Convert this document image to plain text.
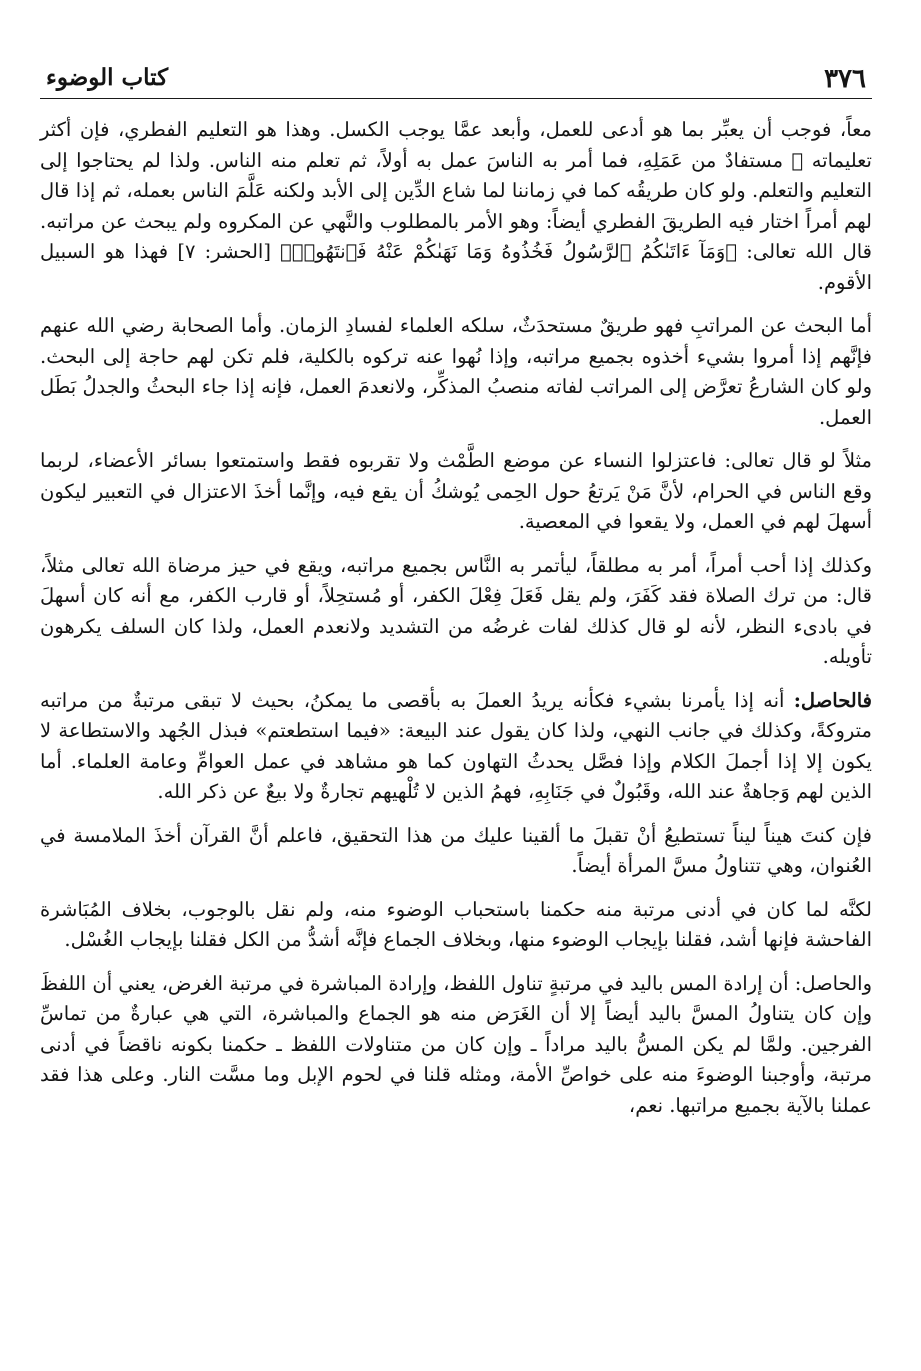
٣٧٦
كتاب الوضوء

معاً، فوجب أن يعبِّر بما هو أدعى للعمل، وأبعد عمَّا يوجب الكسل. وهذا هو التعليم الفطري، فإن أكثر تعليماته ﷺ مستفادٌ من عَمَلِهِ، فما أمر به الناسَ عمل به أولاً، ثم تعلم منه الناس. ولذا لم يحتاجوا إلى التعليم والتعلم. ولو كان طريقُه كما في زماننا لما شاع الدِّين إلى الأبد ولكنه عَلَّمَ الناس بعمله، ثم إذا قال لهم أمراً اختار فيه الطريقَ الفطري أيضاً: وهو الأمر بالمطلوب والنَّهي عن المكروه ولم يبحث عن مراتبه. قال الله تعالى: ﴿وَمَآ ءَاتَىٰكُمُ ٱلرَّسُولُ فَخُذُوهُ وَمَا نَهَىٰكُمْ عَنْهُ فَٱنتَهُوا۟﴾ [الحشر: ٧] فهذا هو السبيل الأقوم.

أما البحث عن المراتبِ فهو طريقٌ مستحدَثٌ، سلكه العلماء لفسادِ الزمان. وأما الصحابة رضي الله عنهم فإنَّهم إذا أمروا بشيء أخذوه بجميع مراتبه، وإذا نُهوا عنه تركوه بالكلية، فلم تكن لهم حاجة إلى البحث. ولو كان الشارعُ تعرَّض إلى المراتب لفاته منصبُ المذكِّر، ولانعدمَ العمل، فإنه إذا جاء البحثُ والجدلُ بَطَل العمل.

مثلاً لو قال تعالى: فاعتزلوا النساء عن موضع الطَّمْث ولا تقربوه فقط واستمتعوا بسائر الأعضاء، لربما وقع الناس في الحرام، لأنَّ مَنْ يَرتعُ حول الحِمى يُوشكُ أن يقع فيه، وإنَّما أخذَ الاعتزال في التعبير ليكون أسهلَ لهم في العمل، ولا يقعوا في المعصية.

وكذلك إذا أحب أمراً، أمر به مطلقاً، ليأتمر به النَّاس بجميع مراتبه، ويقع في حيز مرضاة الله تعالى مثلاً، قال: من ترك الصلاة فقد كَفَرَ، ولم يقل فَعَلَ فِعْلَ الكفر، أو مُستحِلاً، أو قارب الكفر، مع أنه كان أسهلَ في بادىء النظر، لأنه لو قال كذلك لفات غرضُه من التشديد ولانعدم العمل، ولذا كان السلف يكرهون تأويله.

فالحاصل: أنه إذا يأمرنا بشيء فكأنه يريدُ العملَ به بأقصى ما يمكنُ، بحيث لا تبقى مرتبةٌ من مراتبه متروكةً، وكذلك في جانب النهي، ولذا كان يقول عند البيعة: «فيما استطعتم» فبذل الجُهد والاستطاعة لا يكون إلا إذا أجملَ الكلام وإذا فصَّل يحدثُ التهاون كما هو مشاهد في عمل العوامِّ وعامة العلماء. أما الذين لهم وَجاهةٌ عند الله، وقَبُولٌ في جَنَابِهِ، فهمُ الذين لا تُلْهيهم تجارةٌ ولا بيعٌ عن ذكر الله.

فإن كنتَ هيناً ليناً تستطيعُ أنْ تقبلَ ما ألقينا عليك من هذا التحقيق، فاعلم أنَّ القرآن أخذَ الملامسة في العُنوان، وهي تتناولُ مسَّ المرأة أيضاً.

لكنَّه لما كان في أدنى مرتبة منه حكمنا باستحباب الوضوء منه، ولم نقل بالوجوب، بخلاف المُبَاشرة الفاحشة فإنها أشد، فقلنا بإيجاب الوضوء منها، وبخلاف الجماع فإنَّه أشدُّ من الكل فقلنا بإيجاب الغُسْل.

والحاصل: أن إرادة المس باليد في مرتبةٍ تناول اللفظ، وإرادة المباشرة في مرتبة الغرض، يعني أن اللفظَ وإن كان يتناولُ المسَّ باليد أيضاً إلا أن الغَرَض منه هو الجماع والمباشرة، التي هي عبارةٌ من تماسِّ الفرجين. ولمَّا لم يكن المسُّ باليد مراداً ـ وإن كان من متناولات اللفظ ـ حكمنا بكونه ناقضاً في أدنى مرتبة، وأوجبنا الوضوءَ منه على خواصِّ الأمة، ومثله قلنا في لحوم الإبل وما مسَّت النار. وعلى هذا فقد عملنا بالآية بجميع مراتبها. نعم،
